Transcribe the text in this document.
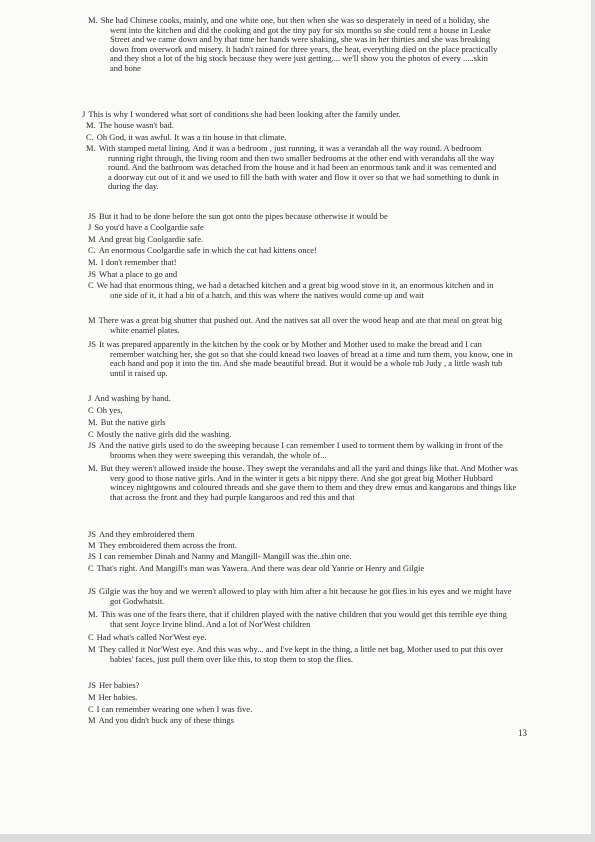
M. She had Chinese cooks, mainly, and one white one, but then when she was so desperately in need of a holiday, she went into the kitchen and did the cooking and got the tiny pay for six months so she could rent a house in Leake Street and we came down and by that time her hands were shaking, she was in her thirties and she was breaking down from overwork and misery. It hadn't rained for three years, the heat, everything died on the place practically and they shot a lot of the big stock because they were just getting.... we'll show you the photos of every .....skin and bone
J This is why I wondered what sort of conditions she had been looking after the family under.
M. The house wasn't bad.
C. Oh God, it was awful. It was a tin house in that climate.
M. With stamped metal lining. And it was a bedroom , just running, it was a verandah all the way round. A bedroom running right through, the living room and then two smaller bedrooms at the other end with verandahs all the way round. And the bathroom was detached from the house and it had been an enormous tank and it was cemented and a doorway cut out of it and we used to fill the bath with water and flow it over so that we had something to dunk in during the day.
JS But it had to be done before the sun got onto the pipes because otherwise it would be
J So you'd have a Coolgardie safe
M And great big Coolgardie safe.
C. An enormous Coolgardie safe in which the cat had kittens once!
M. I don't remember that!
JS What a place to go and
C We had that enormous thing, we had a detached kitchen and a great big wood stove in it, an enormous kitchen and in one side of it, it had a bit of a hatch, and this was where the natives would come up and wait
M There was a great big shutter that pushed out. And the natives sat all over the wood heap and ate that meal on great big white enamel plates.
JS It was prepared apparently in the kitchen by the cook or by Mother and Mother used to make the bread and I can remember watching her, she got so that she could knead two loaves of bread at a time and turn them, you know, one in each hand and pop it into the tin. And she made beautiful bread. But it would be a whole tub Judy , a little wash tub until it raised up.
J And washing by hand.
C Oh yes,
M. But the native girls
C Mostly the native girls did the washing.
JS And the native girls used to do the sweeping because I can remember I used to torment them by walking in front of the brooms when they were sweeping this verandah, the whole of...
M. But they weren't allowed inside the house. They swept the verandahs and all the yard and things like that. And Mother was very good to those native girls. And in the winter it gets a bit nippy there. And she got great big Mother Hubbard wincey nightgowns and coloured threads and she gave them to them and they drew emus and kangaroos and things like that across the front and they had purple kangaroos and red this and that
JS And they embroidered them
M They embroidered them across the front.
JS I can remember Dinah and Nanny and Mangill- Mangill was the..thin one.
C That's right. And Mangill's man was Yawera. And there was dear old Yanrie or Henry and Gilgie
JS Gilgie was the boy and we weren't allowed to play with him after a bit because he got flies in his eyes and we might have got Godwhatsit.
M. This was one of the fears there, that if children played with the native children that you would get this terrible eye thing that sent Joyce Irvine blind. And a lot of Nor'West children
C Had what's called Nor'West eye.
M They called it Nor'West eye. And this was why... and I've kept in the thing, a little net bag, Mother used to put this over babies' faces, just pull them over like this, to stop them to stop the flies.
JS Her babies?
M Her babies.
C I can remember wearing one when I was five.
M And you didn't buck any of these things
13
